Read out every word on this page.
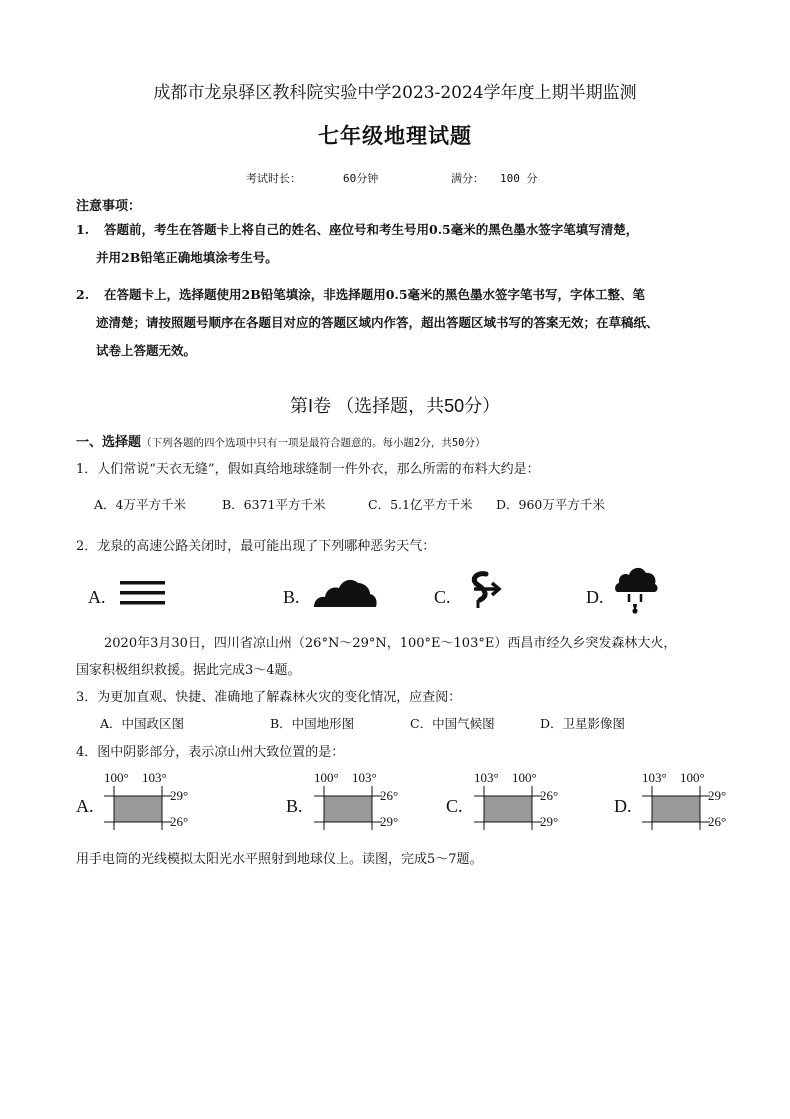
成都市龙泉驿区教科院实验中学2023-2024学年度上期半期监测
七年级地理试题
考试时长：	60分钟	满分： 100 分
注意事项：
1. 答题前，考生在答题卡上将自己的姓名、座位号和考生号用0.5毫米的黑色墨水签字笔填写清楚，
并用2B铅笔正确地填涂考生号。
2. 在答题卡上，选择题使用2B铅笔填涂，非选择题用0.5毫米的黑色墨水签字笔书写，字体工整、笔
迹清楚；请按照题号顺序在各题目对应的答题区域内作答，超出答题区域书写的答案无效；在草稿纸、
试卷上答题无效。
第Ⅰ卷 （选择题，共50分）
一、选择题（下列各题的四个选项中只有一项是最符合题意的。每小题2分，共50分）
1．人们常说“天衣无缝”，假如真给地球缝制一件外衣，那么所需的布料大约是：
A．4万平方千米	B．6371平方千米	C．5.1亿平方千米 D．960万平方千米
2．龙泉的高速公路关闭时，最可能出现了下列哪种恶劣天气：
A.	B.	C.	D.
2020年3月30日，四川省凉山州（26°N～29°N，100°E～103°E）西昌市经久乡突发森林大火，
国家积极组织救援。据此完成3～4题。
3．为更加直观、快捷、准确地了解森林火灾的变化情况，应查阅：
A．中国政区图	B．中国地形图	C．中国气候图	D．卫星影像图
4．图中阴影部分，表示凉山州大致位置的是：
A.
100° 103°
29°
26°
B.
100° 103°
26°
29°
C.
103° 100°
26°
29°
D.
103° 100°
29°
26°
用手电筒的光线模拟太阳光水平照射到地球仪上。读图，完成5～7题。
